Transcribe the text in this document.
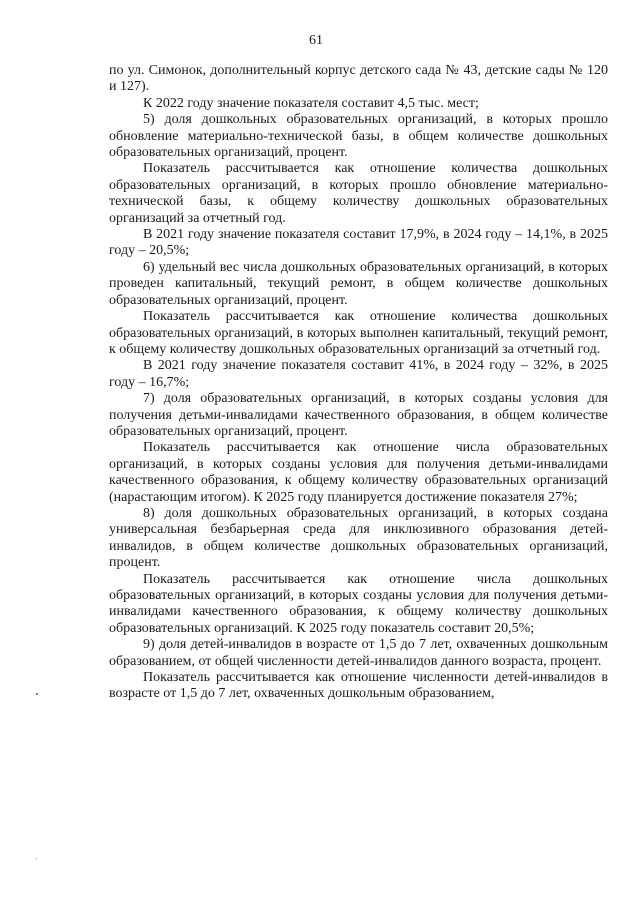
61

по ул. Симонок, дополнительный корпус детского сада № 43, детские сады № 120 и 127).

К 2022 году значение показателя составит 4,5 тыс. мест;

5) доля дошкольных образовательных организаций, в которых прошло обновление материально-технической базы, в общем количестве дошкольных образовательных организаций, процент.

Показатель рассчитывается как отношение количества дошкольных образовательных организаций, в которых прошло обновление материально-технической базы, к общему количеству дошкольных образовательных организаций за отчетный год.

В 2021 году значение показателя составит 17,9%, в 2024 году – 14,1%, в 2025 году – 20,5%;

6) удельный вес числа дошкольных образовательных организаций, в которых проведен капитальный, текущий ремонт, в общем количестве дошкольных образовательных организаций, процент.

Показатель рассчитывается как отношение количества дошкольных образовательных организаций, в которых выполнен капитальный, текущий ремонт, к общему количеству дошкольных образовательных организаций за отчетный год.

В 2021 году значение показателя составит 41%, в 2024 году – 32%, в 2025 году – 16,7%;

7) доля образовательных организаций, в которых созданы условия для получения детьми-инвалидами качественного образования, в общем количестве образовательных организаций, процент.

Показатель рассчитывается как отношение числа образовательных организаций, в которых созданы условия для получения детьми-инвалидами качественного образования, к общему количеству образовательных организаций (нарастающим итогом). К 2025 году планируется достижение показателя 27%;

8) доля дошкольных образовательных организаций, в которых создана универсальная безбарьерная среда для инклюзивного образования детей-инвалидов, в общем количестве дошкольных образовательных организаций, процент.

Показатель рассчитывается как отношение числа дошкольных образовательных организаций, в которых созданы условия для получения детьми-инвалидами качественного образования, к общему количеству дошкольных образовательных организаций. К 2025 году показатель составит 20,5%;

9) доля детей-инвалидов в возрасте от 1,5 до 7 лет, охваченных дошкольным образованием, от общей численности детей-инвалидов данного возраста, процент.

Показатель рассчитывается как отношение численности детей-инвалидов в возрасте от 1,5 до 7 лет, охваченных дошкольным образованием,
